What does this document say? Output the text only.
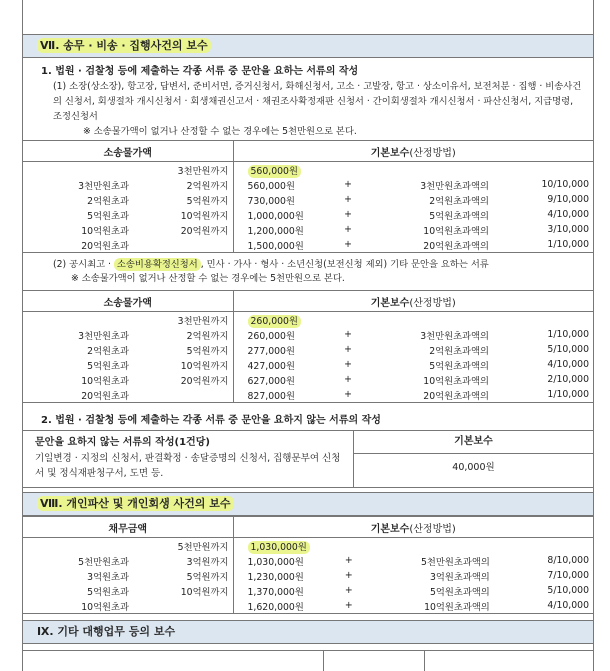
Ⅶ. 송무 · 비송 · 집행사건의 보수
1. 법원 · 검찰청 등에 제출하는 각종 서류 중 문안을 요하는 서류의 작성
(1) 소장(상소장), 항고장, 답변서, 준비서면, 증거신청서, 화해신청서, 고소 · 고발장, 항고 · 상소이유서, 보전처분 · 집행 · 비송사건의 신청서, 회생절차 개시신청서 · 회생채권신고서 · 채권조사확정재판 신청서 · 간이회생절차 개시신청서 · 파산신청서, 지급명령, 조정신청서
※ 소송물가액이 없거나 산정할 수 없는 경우에는 5천만원으로 본다.
소송물가액		기본보수(산정방법)			
	3천만원까지	560,000원			
3천만원초과	2억원까지	560,000원	+	3천만원초과액의	10/10,000
2억원초과	5억원까지	730,000원	+	2억원초과액의	9/10,000
5억원초과	10억원까지	1,000,000원	+	5억원초과액의	4/10,000
10억원초과	20억원까지	1,200,000원	+	10억원초과액의	3/10,000
20억원초과		1,500,000원	+	20억원초과액의	1/10,000
(2) 공시최고 · 소송비용확정신청서 , 민사 · 가사 · 형사 · 소년신청(보전신청 제외) 기타 문안을 요하는 서류
※ 소송물가액이 없거나 산정할 수 없는 경우에는 5천만원으로 본다.
소송물가액		기본보수(산정방법)			
	3천만원까지	260,000원			
3천만원초과	2억원까지	260,000원	+	3천만원초과액의	1/10,000
2억원초과	5억원까지	277,000원	+	2억원초과액의	5/10,000
5억원초과	10억원까지	427,000원	+	5억원초과액의	4/10,000
10억원초과	20억원까지	627,000원	+	10억원초과액의	2/10,000
20억원초과		827,000원	+	20억원초과액의	1/10,000
2. 법원 · 검찰청 등에 제출하는 각종 서류 중 문안을 요하지 않는 서류의 작성
문안을 요하지 않는 서류의 작성(1건당)
기일변경 · 지정의 신청서, 판결확정 · 송달증명의 신청서, 집행문부여 신청서 및 정식재판청구서, 도면 등.
기본보수
40,000원
Ⅷ. 개인파산 및 개인회생 사건의 보수
채무금액		기본보수(산정방법)			
	5천만원까지	1,030,000원			
5천만원초과	3억원까지	1,030,000원	+	5천만원초과액의	8/10,000
3억원초과	5억원까지	1,230,000원	+	3억원초과액의	7/10,000
5억원초과	10억원까지	1,370,000원	+	5억원초과액의	5/10,000
10억원초과		1,620,000원	+	10억원초과액의	4/10,000
Ⅸ. 기타 대행업무 등의 보수
